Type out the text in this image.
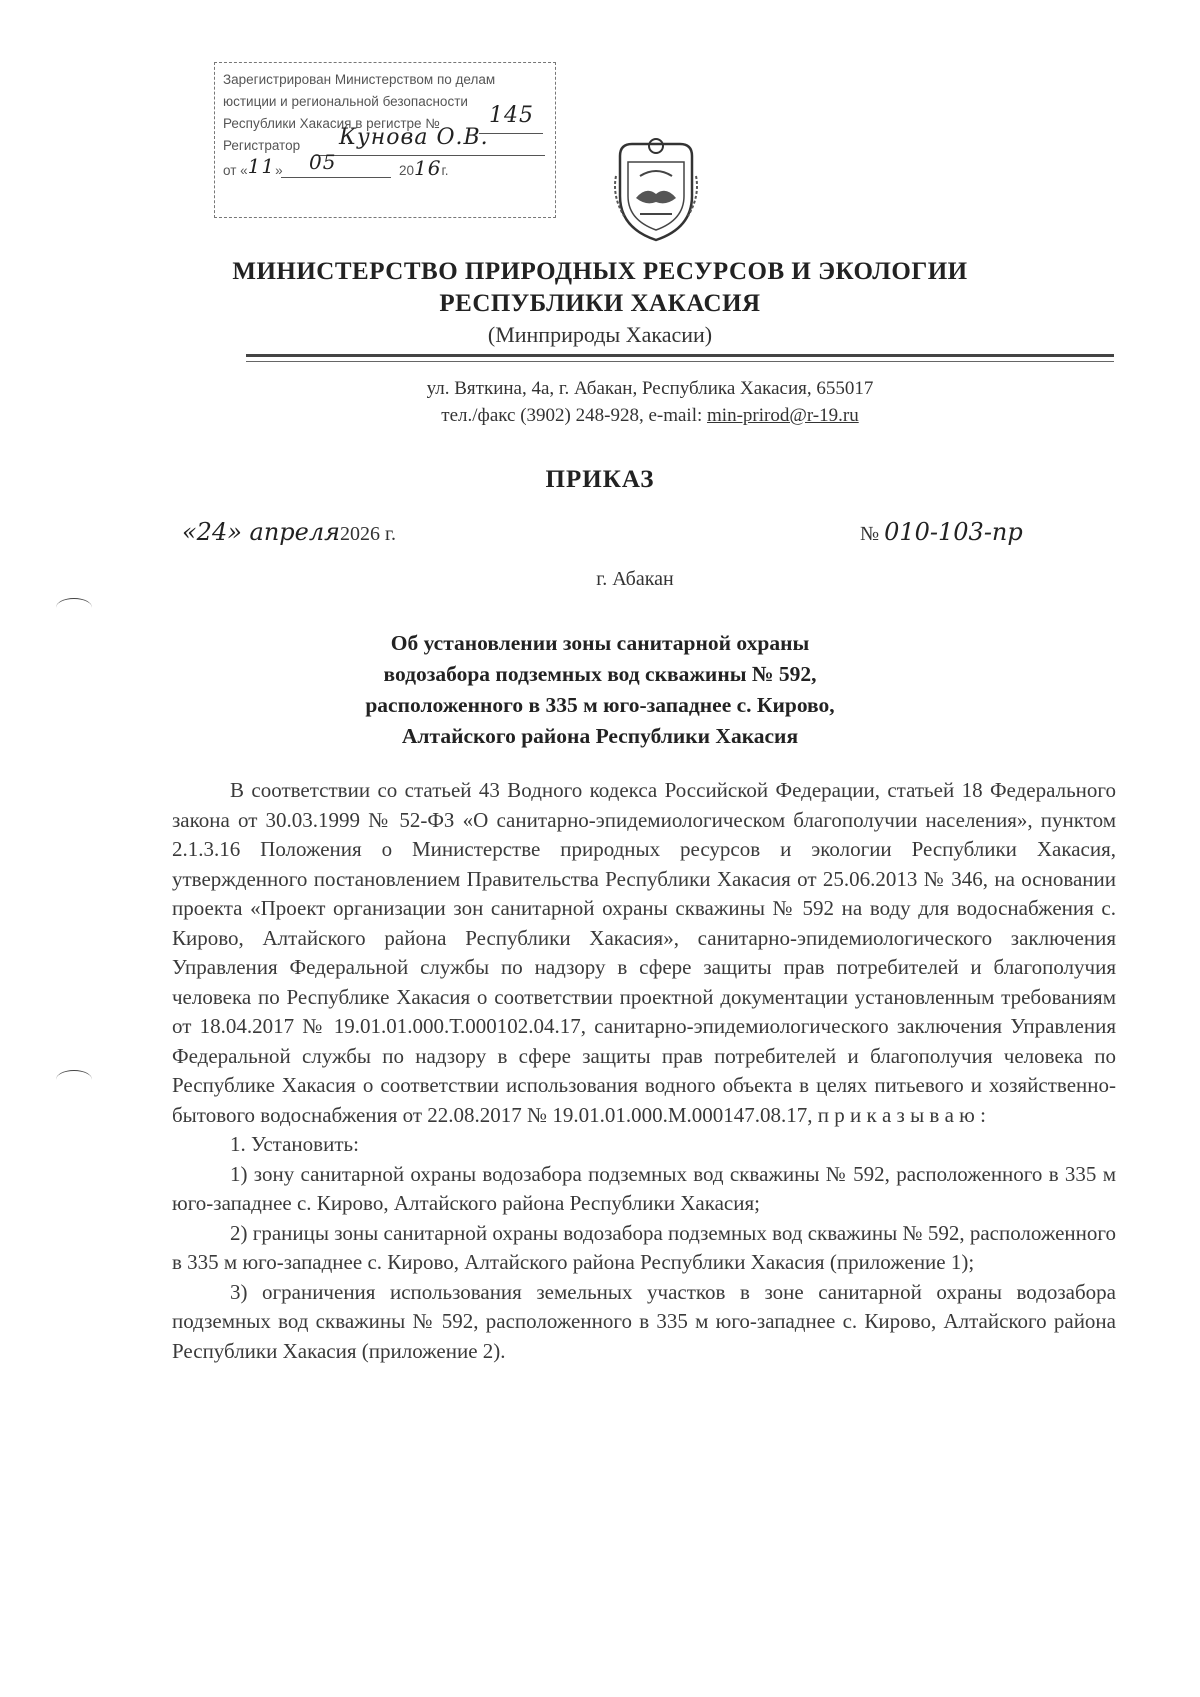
Зарегистрирован Министерством по делам
юстиции и региональной безопасности
Республики Хакасия в регистре № 145
Регистратор Кунова О.В.
от «11» 05	2016г.
МИНИСТЕРСТВО ПРИРОДНЫХ РЕСУРСОВ И ЭКОЛОГИИ
РЕСПУБЛИКИ ХАКАСИЯ
(Минприроды Хакасии)
ул. Вяткина, 4а, г. Абакан, Республика Хакасия, 655017
тел./факс (3902) 248-928, e-mail: min-prirod@r-19.ru
ПРИКАЗ
«24» апреля2026 г.	№ 010-103-пр
г. Абакан
Об установлении зоны санитарной охраны
водозабора подземных вод скважины № 592,
расположенного в 335 м юго-западнее с. Кирово,
Алтайского района Республики Хакасия

В соответствии со статьей 43 Водного кодекса Российской Федерации, статьей 18 Федерального закона от 30.03.1999 № 52-ФЗ «О санитарно-эпидемиологическом благополучии населения», пунктом 2.1.3.16 Положения о Министерстве природных ресурсов и экологии Республики Хакасия, утвержденного постановлением Правительства Республики Хакасия от 25.06.2013 № 346, на основании проекта «Проект организации зон санитарной охраны скважины № 592 на воду для водоснабжения с. Кирово, Алтайского района Республики Хакасия», санитарно-эпидемиологического заключения Управления Федеральной службы по надзору в сфере защиты прав потребителей и благополучия человека по Республике Хакасия о соответствии проектной документации установленным требованиям от 18.04.2017 № 19.01.01.000.Т.000102.04.17, санитарно-эпидемиологического заключения Управления Федеральной службы по надзору в сфере защиты прав потребителей и благополучия человека по Республике Хакасия о соответствии использования водного объекта в целях питьевого и хозяйственно-бытового водоснабжения от 22.08.2017 № 19.01.01.000.М.000147.08.17, п р и к а з ы в а ю :

1. Установить:

1) зону санитарной охраны водозабора подземных вод скважины № 592, расположенного в 335 м юго-западнее с. Кирово, Алтайского района Республики Хакасия;

2) границы зоны санитарной охраны водозабора подземных вод скважины № 592, расположенного в 335 м юго-западнее с. Кирово, Алтайского района Республики Хакасия (приложение 1);

3) ограничения использования земельных участков в зоне санитарной охраны водозабора подземных вод скважины № 592, расположенного в 335 м юго-западнее с. Кирово, Алтайского района Республики Хакасия (приложение 2).
